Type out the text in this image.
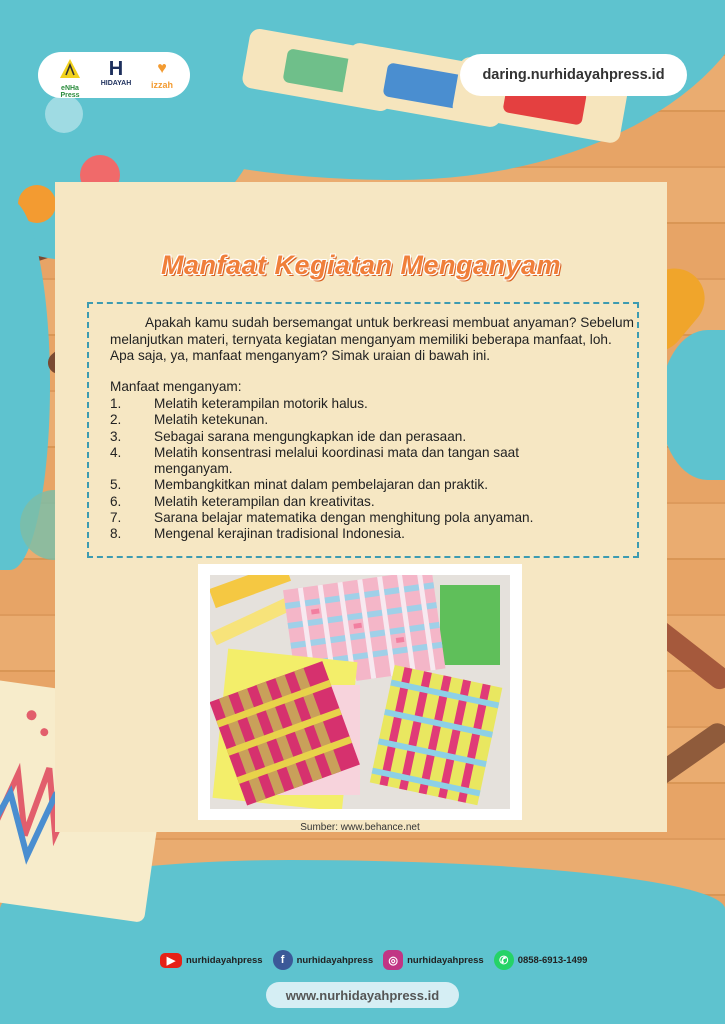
eNHa Press
H
HIDAYAH
♥
izzah
daring.nurhidayahpress.id
Manfaat Kegiatan Menganyam

Apakah kamu sudah bersemangat untuk berkreasi membuat anyaman? Sebelum melanjutkan materi, ternyata kegiatan menganyam memiliki beberapa manfaat, loh. Apa saja, ya, manfaat menganyam? Simak uraian di bawah ini.

Manfaat menganyam:
1.	Melatih keterampilan motorik halus.
2.	Melatih ketekunan.
3.	Sebagai sarana mengungkapkan ide dan perasaan.
4.	Melatih konsentrasi melalui koordinasi mata dan tangan saat menganyam.
5.	Membangkitkan minat dalam pembelajaran dan praktik.
6.	Melatih keterampilan dan kreativitas.
7.	Sarana belajar matematika dengan menghitung pola anyaman.
8.	Mengenal kerajinan tradisional Indonesia.
Sumber: www.behance.net
▶	nurhidayahpress	f	nurhidayahpress	◎ nurhidayahpress	✆ 0858-6913-1499
www.nurhidayahpress.id
